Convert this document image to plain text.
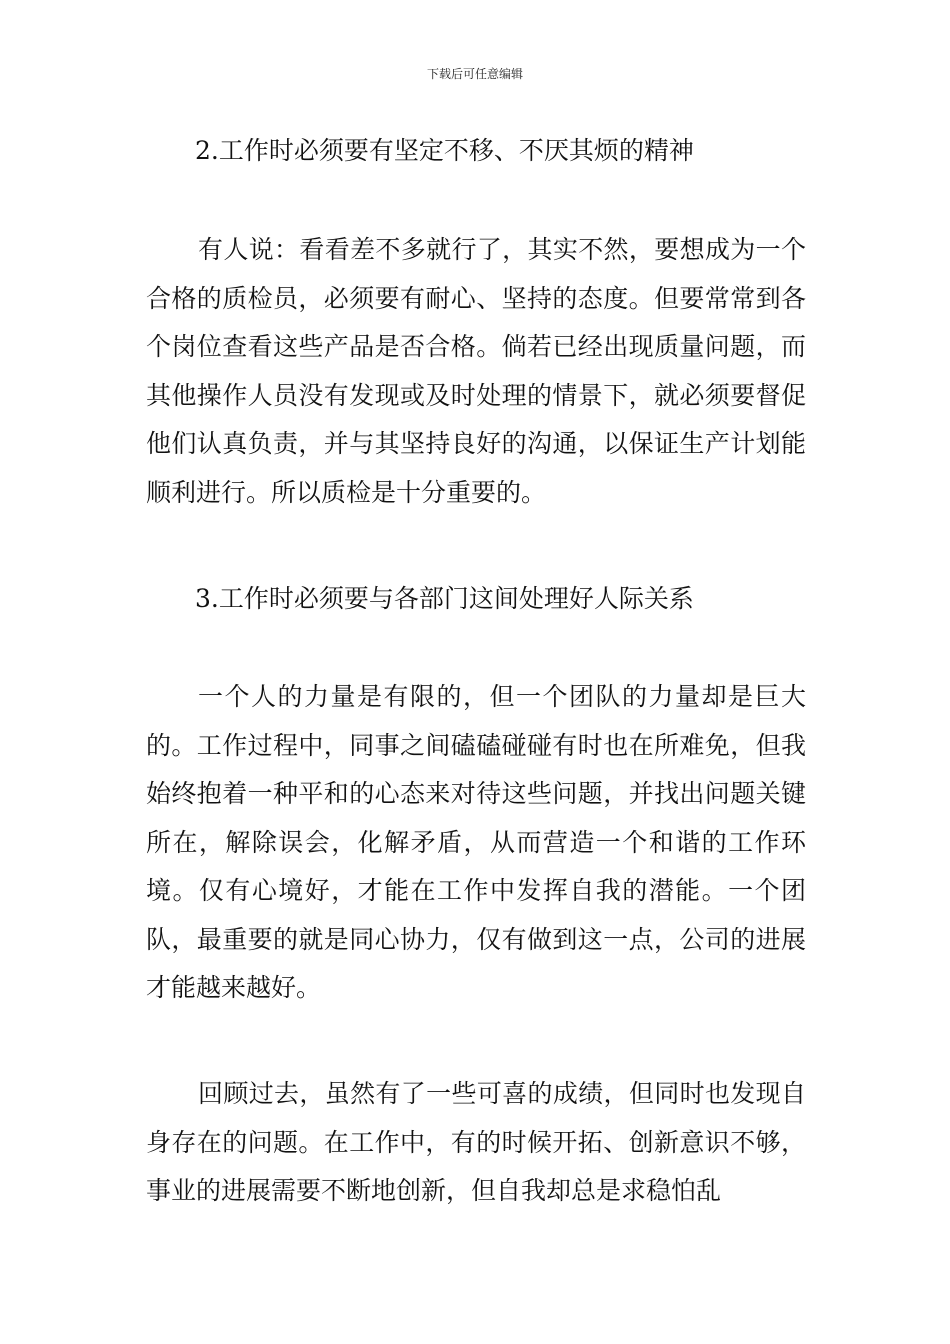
下载后可任意编辑
2.工作时必须要有坚定不移、不厌其烦的精神
有人说：看看差不多就行了，其实不然，要想成为一个合格的质检员，必须要有耐心、坚持的态度。但要常常到各个岗位查看这些产品是否合格。倘若已经出现质量问题，而其他操作人员没有发现或及时处理的情景下，就必须要督促他们认真负责，并与其坚持良好的沟通，以保证生产计划能顺利进行。所以质检是十分重要的。
3.工作时必须要与各部门这间处理好人际关系
一个人的力量是有限的，但一个团队的力量却是巨大的。工作过程中，同事之间磕磕碰碰有时也在所难免，但我始终抱着一种平和的心态来对待这些问题，并找出问题关键所在，解除误会，化解矛盾，从而营造一个和谐的工作环境。仅有心境好，才能在工作中发挥自我的潜能。一个团队，最重要的就是同心协力，仅有做到这一点，公司的进展才能越来越好。
回顾过去，虽然有了一些可喜的成绩，但同时也发现自身存在的问题。在工作中，有的时候开拓、创新意识不够，事业的进展需要不断地创新，但自我却总是求稳怕乱
